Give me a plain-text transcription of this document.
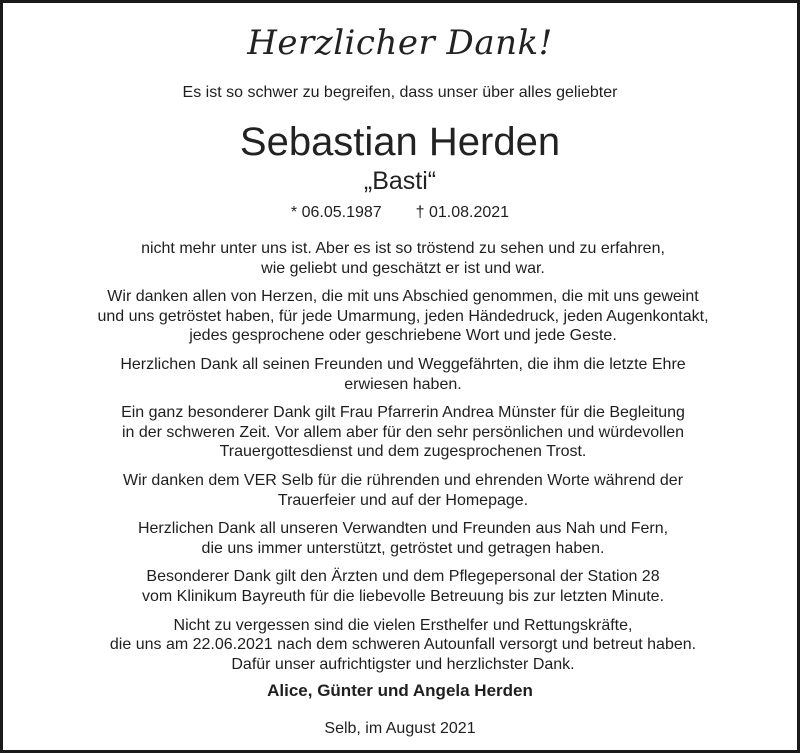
Herzlicher Dank!
Es ist so schwer zu begreifen, dass unser über alles geliebter
Sebastian Herden
„Basti“
* 06.05.1987 † 01.08.2021
nicht mehr unter uns ist. Aber es ist so tröstend zu sehen und zu erfahren,
wie geliebt und geschätzt er ist und war.
Wir danken allen von Herzen, die mit uns Abschied genommen, die mit uns geweint
und uns getröstet haben, für jede Umarmung, jeden Händedruck, jeden Augenkontakt,
jedes gesprochene oder geschriebene Wort und jede Geste.
Herzlichen Dank all seinen Freunden und Weggefährten, die ihm die letzte Ehre
erwiesen haben.
Ein ganz besonderer Dank gilt Frau Pfarrerin Andrea Münster für die Begleitung
in der schweren Zeit. Vor allem aber für den sehr persönlichen und würdevollen
Trauergottesdienst und dem zugesprochenen Trost.
Wir danken dem VER Selb für die rührenden und ehrenden Worte während der
Trauerfeier und auf der Homepage.
Herzlichen Dank all unseren Verwandten und Freunden aus Nah und Fern,
die uns immer unterstützt, getröstet und getragen haben.
Besonderer Dank gilt den Ärzten und dem Pflegepersonal der Station 28
vom Klinikum Bayreuth für die liebevolle Betreuung bis zur letzten Minute.
Nicht zu vergessen sind die vielen Ersthelfer und Rettungskräfte,
die uns am 22.06.2021 nach dem schweren Autounfall versorgt und betreut haben.
Dafür unser aufrichtigster und herzlichster Dank.
Alice, Günter und Angela Herden
Selb, im August 2021
